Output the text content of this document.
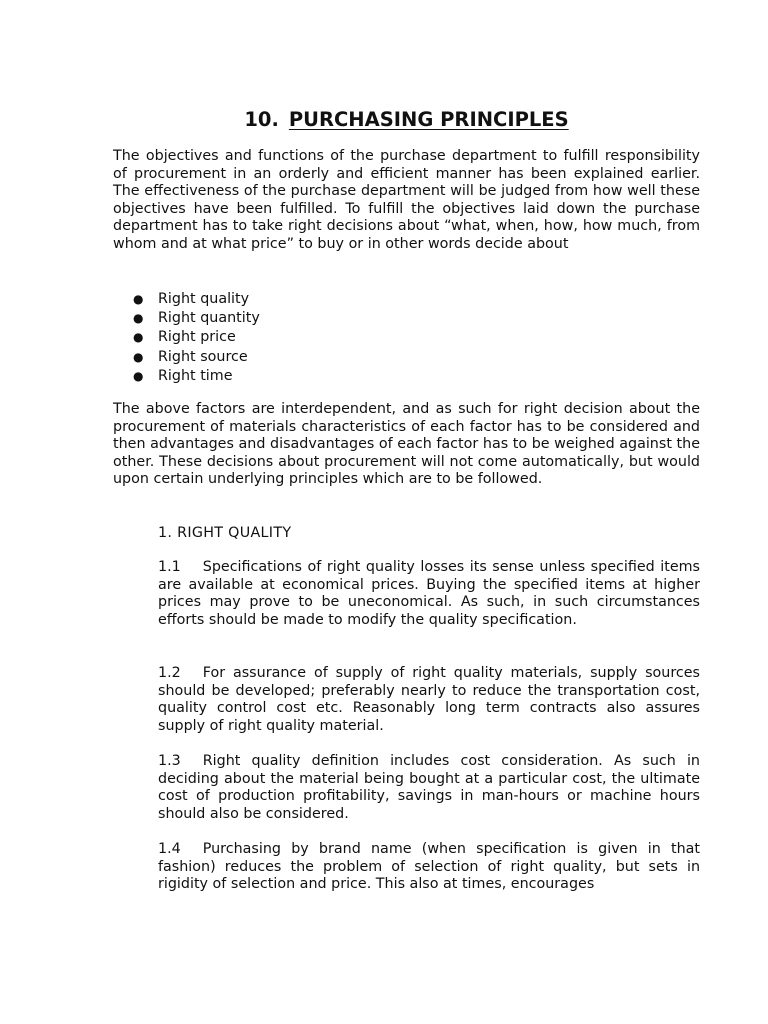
10. PURCHASING PRINCIPLES

The objectives and functions of the purchase department to fulfill responsibility of procurement in an orderly and efficient manner has been explained earlier. The effectiveness of the purchase department will be judged from how well these objectives have been fulfilled. To fulfill the objectives laid down the purchase department has to take right decisions about “what, when, how, how much, from whom and at what price” to buy or in other words decide about

● Right quality
● Right quantity
● Right price
● Right source
● Right time

The above factors are interdependent, and as such for right decision about the procurement of materials characteristics of each factor has to be considered and then advantages and disadvantages of each factor has to be weighed against the other. These decisions about procurement will not come automatically, but would upon certain underlying principles which are to be followed.

1. RIGHT QUALITY

1.1 Specifications of right quality losses its sense unless specified items are available at economical prices. Buying the specified items at higher prices may prove to be uneconomical. As such, in such circumstances efforts should be made to modify the quality specification.

1.2 For assurance of supply of right quality materials, supply sources should be developed; preferably nearly to reduce the transportation cost, quality control cost etc. Reasonably long term contracts also assures supply of right quality material.

1.3 Right quality definition includes cost consideration. As such in deciding about the material being bought at a particular cost, the ultimate cost of production profitability, savings in man-hours or machine hours should also be considered.

1.4 Purchasing by brand name (when specification is given in that fashion) reduces the problem of selection of right quality, but sets in rigidity of selection and price. This also at times, encourages
